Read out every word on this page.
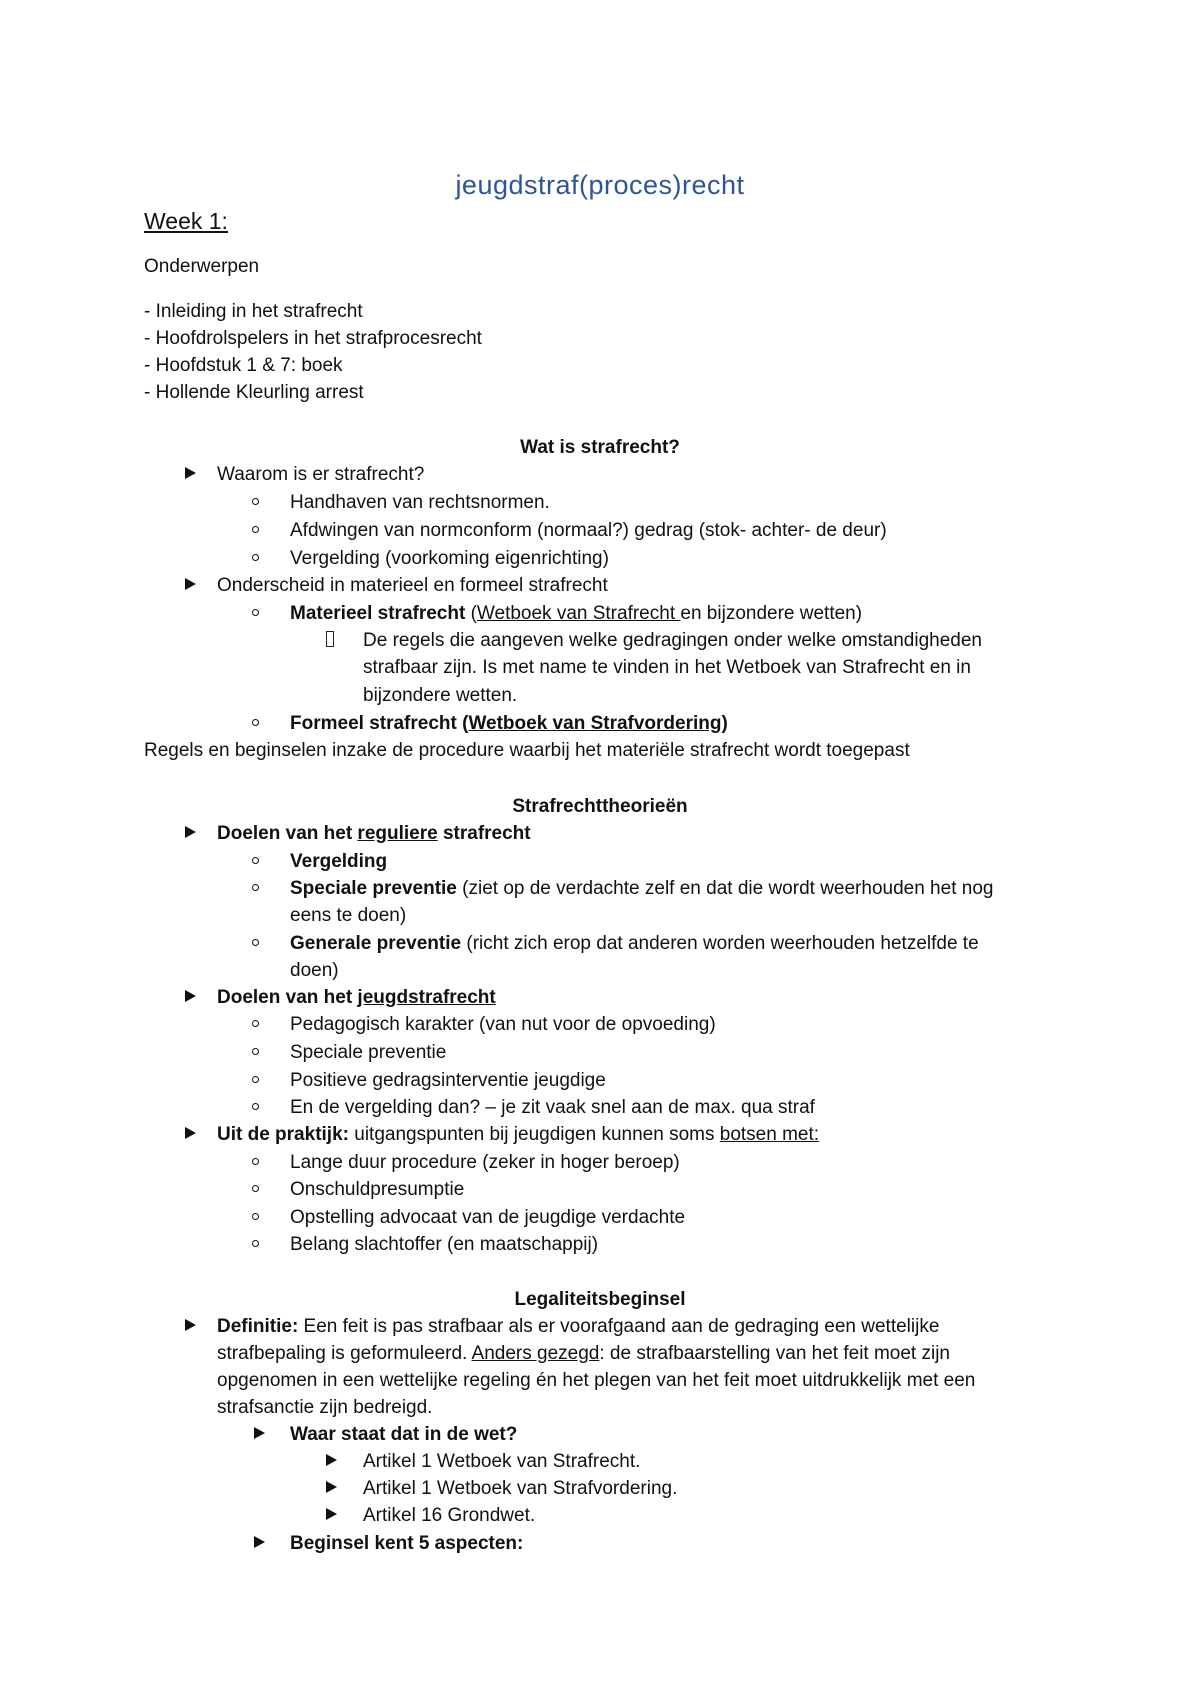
jeugdstraf(proces)recht
Week 1:
Onderwerpen
- Inleiding in het strafrecht
- Hoofdrolspelers in het strafprocesrecht
- Hoofdstuk 1 & 7: boek
- Hollende Kleurling arrest
Wat is strafrecht?
Waarom is er strafrecht?
Handhaven van rechtsnormen.
Afdwingen van normconform (normaal?) gedrag (stok- achter- de deur)
Vergelding (voorkoming eigenrichting)
Onderscheid in materieel en formeel strafrecht
Materieel strafrecht (Wetboek van Strafrecht en bijzondere wetten)
De regels die aangeven welke gedragingen onder welke omstandigheden
strafbaar zijn. Is met name te vinden in het Wetboek van Strafrecht en in
bijzondere wetten.
Formeel strafrecht (Wetboek van Strafvordering)
Regels en beginselen inzake de procedure waarbij het materiële strafrecht wordt toegepast
Strafrechttheorieën
Doelen van het reguliere strafrecht
Vergelding
Speciale preventie (ziet op de verdachte zelf en dat die wordt weerhouden het nog
eens te doen)
Generale preventie (richt zich erop dat anderen worden weerhouden hetzelfde te
doen)
Doelen van het jeugdstrafrecht
Pedagogisch karakter (van nut voor de opvoeding)
Speciale preventie
Positieve gedragsinterventie jeugdige
En de vergelding dan? – je zit vaak snel aan de max. qua straf
Uit de praktijk: uitgangspunten bij jeugdigen kunnen soms botsen met:
Lange duur procedure (zeker in hoger beroep)
Onschuldpresumptie
Opstelling advocaat van de jeugdige verdachte
Belang slachtoffer (en maatschappij)
Legaliteitsbeginsel
Definitie: Een feit is pas strafbaar als er voorafgaand aan de gedraging een wettelijke
strafbepaling is geformuleerd. Anders gezegd: de strafbaarstelling van het feit moet zijn
opgenomen in een wettelijke regeling én het plegen van het feit moet uitdrukkelijk met een
strafsanctie zijn bedreigd.
Waar staat dat in de wet?
Artikel 1 Wetboek van Strafrecht.
Artikel 1 Wetboek van Strafvordering.
Artikel 16 Grondwet.
Beginsel kent 5 aspecten:
